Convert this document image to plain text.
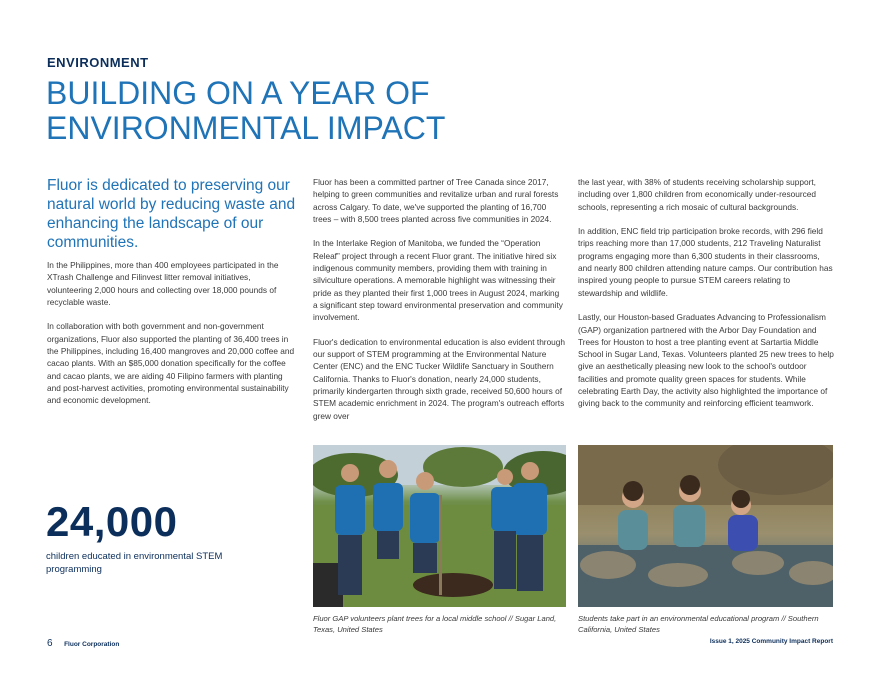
ENVIRONMENT
BUILDING ON A YEAR OF ENVIRONMENTAL IMPACT
Fluor is dedicated to preserving our natural world by reducing waste and enhancing the landscape of our communities.

In the Philippines, more than 400 employees participated in the XTrash Challenge and Filinvest litter removal initiatives, volunteering 2,000 hours and collecting over 18,000 pounds of recyclable waste.

In collaboration with both government and non-government organizations, Fluor also supported the planting of 36,400 trees in the Philippines, including 16,400 mangroves and 20,000 coffee and cacao plants. With an $85,000 donation specifically for the coffee and cacao plants, we are aiding 40 Filipino farmers with planting and post-harvest activities, promoting environmental sustainability and economic development.

Fluor has been a committed partner of Tree Canada since 2017, helping to green communities and revitalize urban and rural forests across Calgary. To date, we've supported the planting of 16,700 trees – with 8,500 trees planted across five communities in 2024.

In the Interlake Region of Manitoba, we funded the “Operation Releaf” project through a recent Fluor grant. The initiative hired six indigenous community members, providing them with training in silviculture operations. A memorable highlight was witnessing their pride as they planted their first 1,000 trees in August 2024, marking a significant step toward environmental preservation and community involvement.

Fluor's dedication to environmental education is also evident through our support of STEM programming at the Environmental Nature Center (ENC) and the ENC Tucker Wildlife Sanctuary in Southern California. Thanks to Fluor's donation, nearly 24,000 students, primarily kindergarten through sixth grade, received 50,600 hours of STEM academic enrichment in 2024. The program's outreach efforts grew over

the last year, with 38% of students receiving scholarship support, including over 1,800 children from economically under-resourced schools, representing a rich mosaic of cultural backgrounds.

In addition, ENC field trip participation broke records, with 296 field trips reaching more than 17,000 students, 212 Traveling Naturalist programs engaging more than 6,300 students in their classrooms, and nearly 800 children attending nature camps. Our contribution has inspired young people to pursue STEM careers relating to stewardship and wildlife.

Lastly, our Houston-based Graduates Advancing to Professionalism (GAP) organization partnered with the Arbor Day Foundation and Trees for Houston to host a tree planting event at Sartartia Middle School in Sugar Land, Texas. Volunteers planted 25 new trees to help give an aesthetically pleasing new look to the school's outdoor facilities and promote quality green spaces for students. While celebrating Earth Day, the activity also highlighted the importance of giving back to the community and reinforcing efficient teamwork.

24,000
children educated in environmental STEM programming
Fluor GAP volunteers plant trees for a local middle school // Sugar Land, Texas, United States
Students take part in an environmental educational program // Southern California, United States
6 Fluor Corporation	Issue 1, 2025 Community Impact Report
